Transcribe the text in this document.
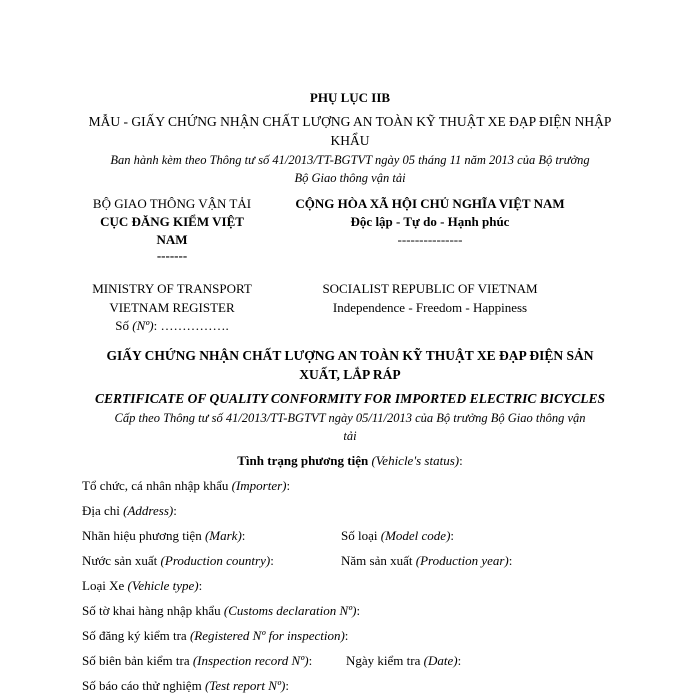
PHỤ LỤC IIB
MẪU - GIẤY CHỨNG NHẬN CHẤT LƯỢNG AN TOÀN KỸ THUẬT XE ĐẠP ĐIỆN NHẬP
KHẨU
Ban hành kèm theo Thông tư số 41/2013/TT-BGTVT ngày 05 tháng 11 năm 2013 của Bộ trưởng
Bộ Giao thông vận tải
BỘ GIAO THÔNG VẬN TẢI
CỤC ĐĂNG KIỂM VIỆT
NAM
-------
CỘNG HÒA XÃ HỘI CHỦ NGHĨA VIỆT NAM
Độc lập - Tự do - Hạnh phúc
---------------
MINISTRY OF TRANSPORT
VIETNAM REGISTER
Số (Nº): …………….
SOCIALIST REPUBLIC OF VIETNAM
Independence - Freedom - Happiness
GIẤY CHỨNG NHẬN CHẤT LƯỢNG AN TOÀN KỸ THUẬT XE ĐẠP ĐIỆN SẢN
XUẤT, LẮP RÁP
CERTIFICATE OF QUALITY CONFORMITY FOR IMPORTED ELECTRIC BICYCLES
Cấp theo Thông tư số 41/2013/TT-BGTVT ngày 05/11/2013 của Bộ trưởng Bộ Giao thông vận
tải
Tình trạng phương tiện (Vehicle's status):
Tổ chức, cá nhân nhập khẩu (Importer):
Địa chỉ (Address):
Nhãn hiệu phương tiện (Mark):	Số loại (Model code):
Nước sản xuất (Production country):	Năm sản xuất (Production year):
Loại Xe (Vehicle type):
Số tờ khai hàng nhập khẩu (Customs declaration Nº):
Số đăng ký kiểm tra (Registered Nº for inspection):
Số biên bản kiểm tra (Inspection record Nº):	Ngày kiểm tra (Date):
Số báo cáo thử nghiệm (Test report Nº):
